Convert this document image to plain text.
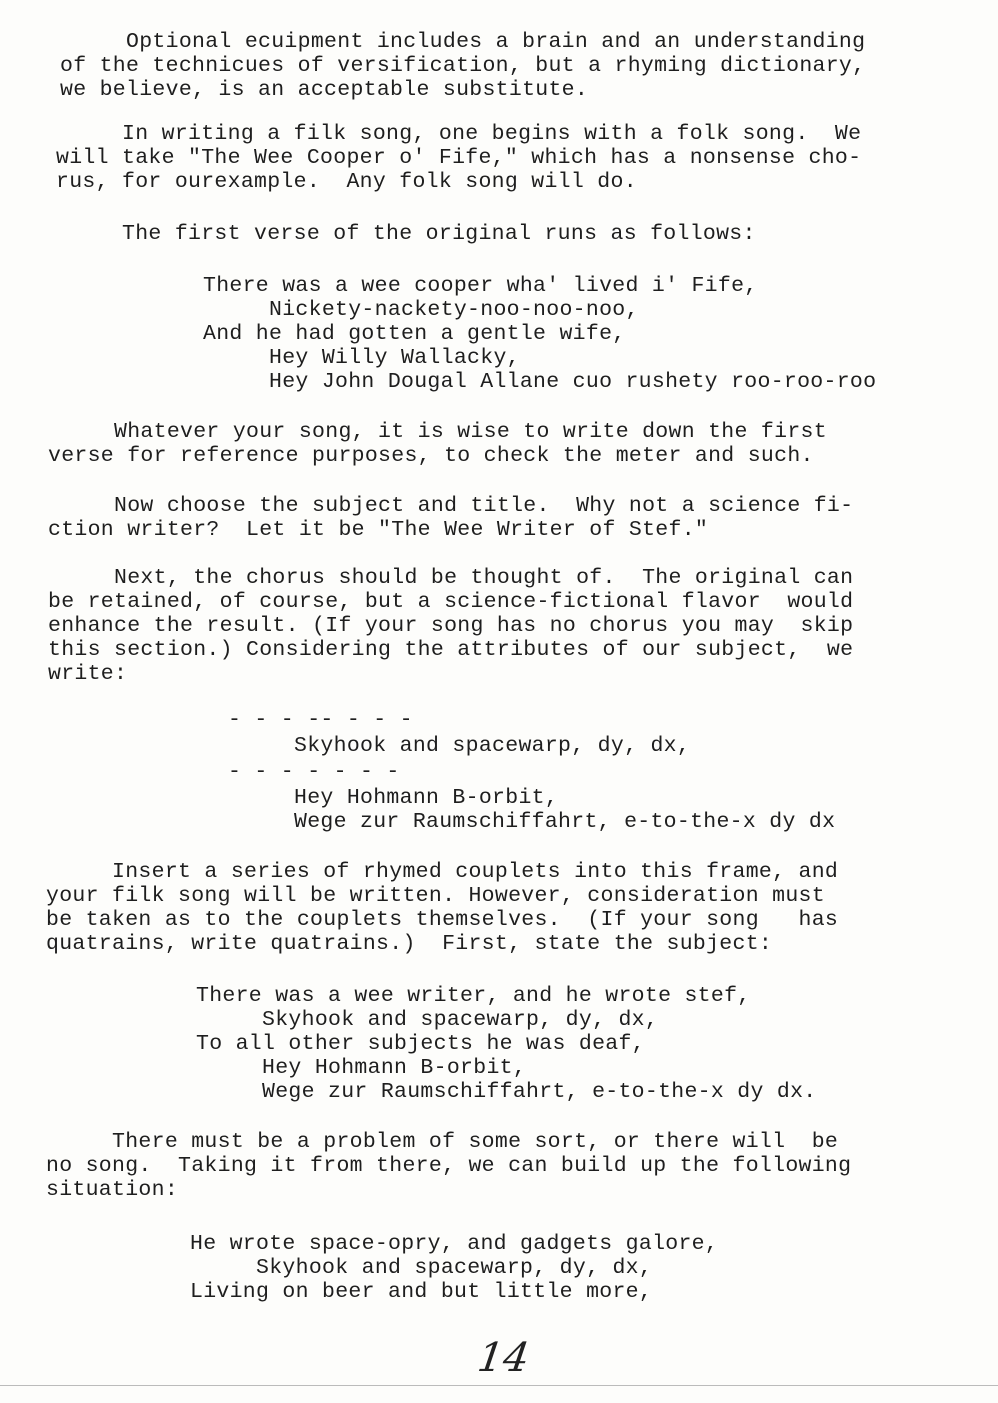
Optional ecuipment includes a brain and an understanding
of the technicues of versification, but a rhyming dictionary,
we believe, is an acceptable substitute.
In writing a filk song, one begins with a folk song.  We
will take "The Wee Cooper o' Fife," which has a nonsense cho-
rus, for ourexample.  Any folk song will do.
The first verse of the original runs as follows:
There was a wee cooper wha' lived i' Fife,
Nickety-nackety-noo-noo-noo,
And he had gotten a gentle wife,
Hey Willy Wallacky,
Hey John Dougal Allane cuo rushety roo-roo-roo
Whatever your song, it is wise to write down the first
verse for reference purposes, to check the meter and such.
Now choose the subject and title.  Why not a science fi-
ction writer?  Let it be "The Wee Writer of Stef."
Next, the chorus should be thought of.  The original can
be retained, of course, but a science-fictional flavor  would
enhance the result. (If your song has no chorus you may  skip
this section.) Considering the attributes of our subject,  we
write:
- - - -- - - -
Skyhook and spacewarp, dy, dx,
- - - - - - -
Hey Hohmann B-orbit,
Wege zur Raumschiffahrt, e-to-the-x dy dx
Insert a series of rhymed couplets into this frame, and
your filk song will be written. However, consideration must
be taken as to the couplets themselves.  (If your song   has
quatrains, write quatrains.)  First, state the subject:
There was a wee writer, and he wrote stef,
Skyhook and spacewarp, dy, dx,
To all other subjects he was deaf,
Hey Hohmann B-orbit,
Wege zur Raumschiffahrt, e-to-the-x dy dx.
There must be a problem of some sort, or there will  be
no song.  Taking it from there, we can build up the following
situation:
He wrote space-opry, and gadgets galore,
Skyhook and spacewarp, dy, dx,
Living on beer and but little more,
14
